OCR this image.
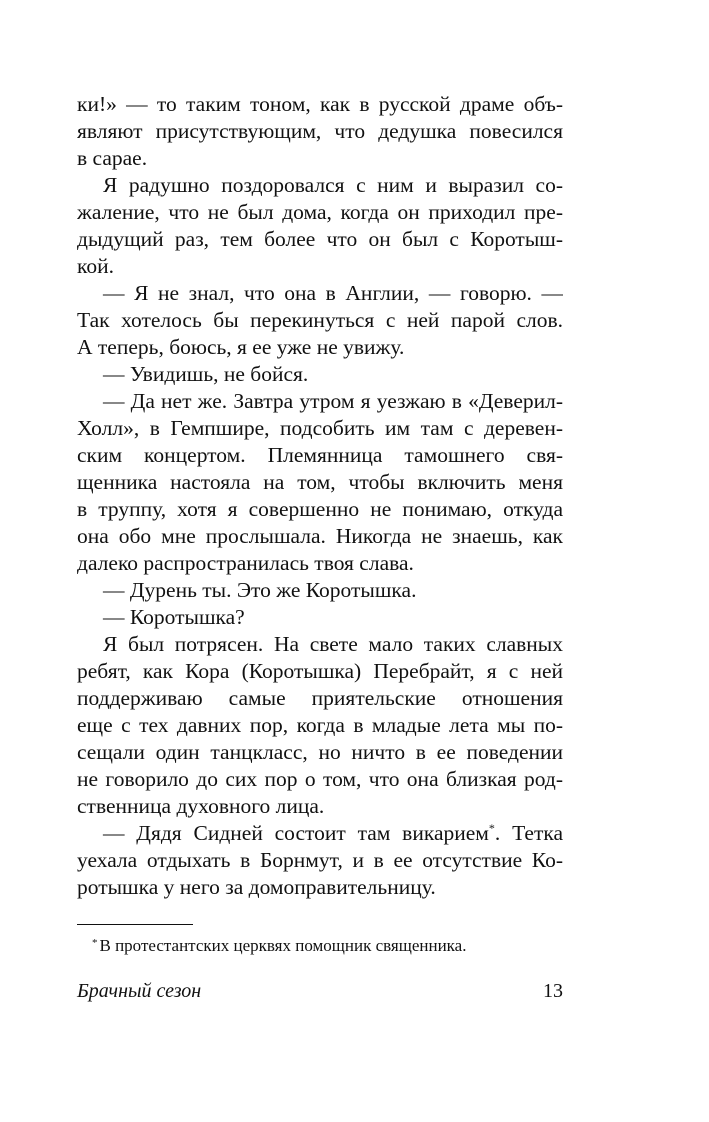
ки!» — то таким тоном, как в русской драме объ-
являют присутствующим, что дедушка повесился
в сарае.
Я радушно поздоровался с ним и выразил со-
жаление, что не был дома, когда он приходил пре-
дыдущий раз, тем более что он был с Коротыш-
кой.
— Я не знал, что она в Англии, — говорю. —
Так хотелось бы перекинуться с ней парой слов.
А теперь, боюсь, я ее уже не увижу.
— Увидишь, не бойся.
— Да нет же. Завтра утром я уезжаю в «Деверил-
Холл», в Гемпшире, подсобить им там с деревен-
ским концертом. Племянница тамошнего свя-
щенника настояла на том, чтобы включить меня
в труппу, хотя я совершенно не понимаю, откуда
она обо мне прослышала. Никогда не знаешь, как
далеко распространилась твоя слава.
— Дурень ты. Это же Коротышка.
— Коротышка?
Я был потрясен. На свете мало таких славных
ребят, как Кора (Коротышка) Перебрайт, я с ней
поддерживаю самые приятельские отношения
еще с тех давних пор, когда в младые лета мы по-
сещали один танцкласс, но ничто в ее поведении
не говорило до сих пор о том, что она близкая род-
ственница духовного лица.
— Дядя Сидней состоит там викарием*. Тетка
уехала отдыхать в Борнмут, и в ее отсутствие Ко-
ротышка у него за домоправительницу.
* В протестантских церквях помощник священника.
Брачный сезон	13
